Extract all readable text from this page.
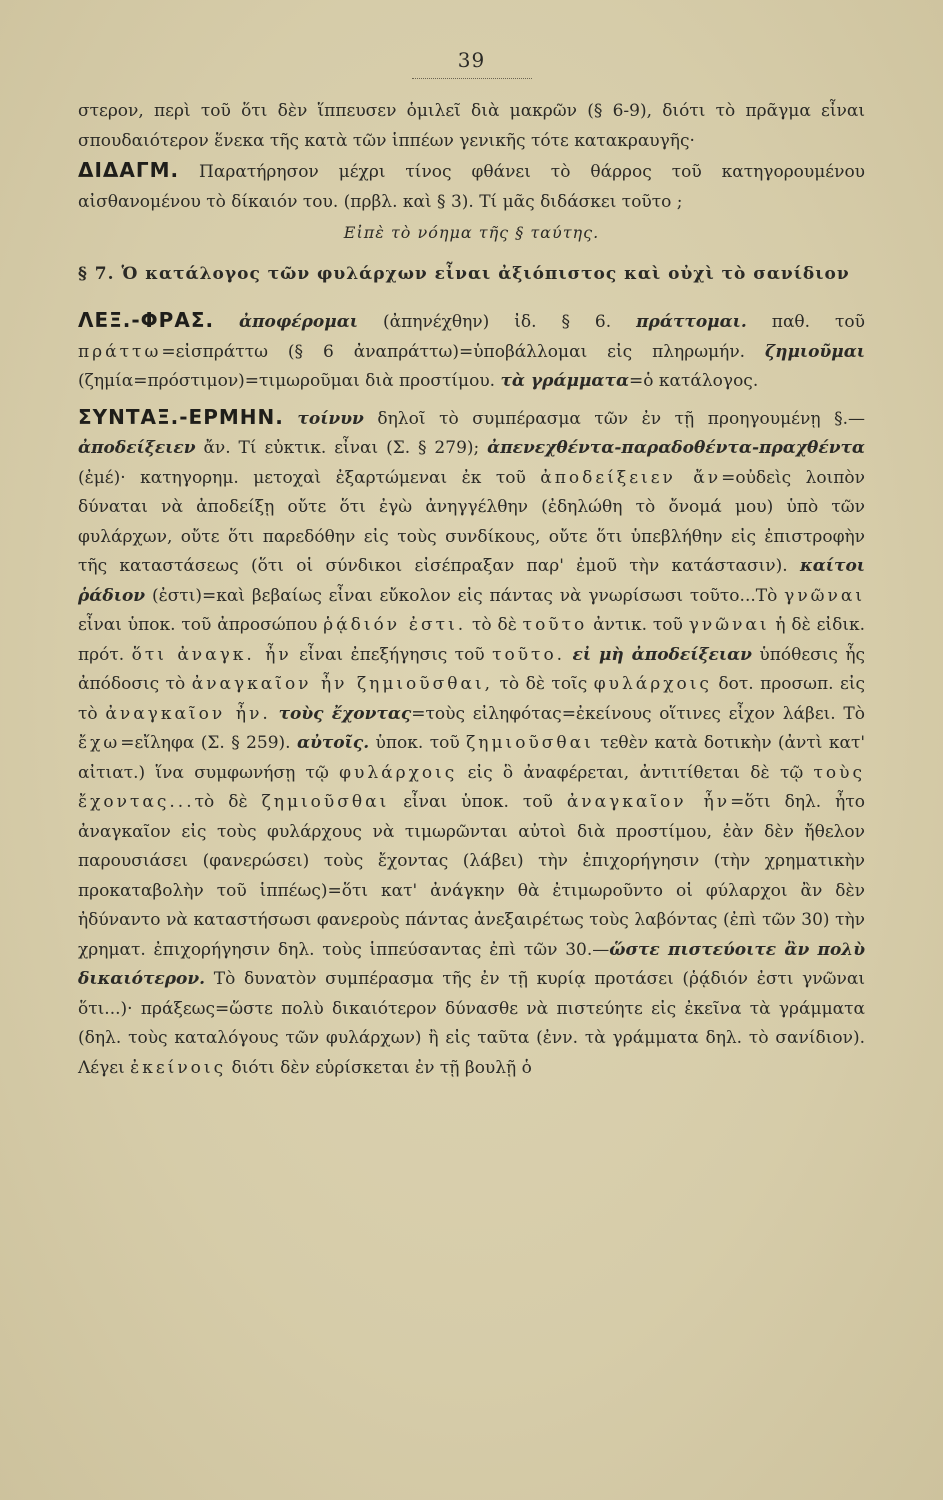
39

στερον, περὶ τοῦ ὅτι δὲν ἵππευσεν ὁμιλεῖ διὰ μακρῶν (§ 6-9), διότι τὸ πρᾶγμα εἶναι σπουδαιότερον ἕνεκα τῆς κατὰ τῶν ἱππέων γενικῆς τότε κατακραυγῆς·

ΔΙΔΑΓΜ. Παρατήρησον μέχρι τίνος φθάνει τὸ θάρρος τοῦ κατηγορουμένου αἰσθανομένου τὸ δίκαιόν του. (πρβλ. καὶ § 3). Τί μᾶς διδάσκει τοῦτο ;

Εἰπὲ τὸ νόημα τῆς § ταύτης.
§ 7. Ὁ κατάλογος τῶν φυλάρχων εἶναι ἀξιόπιστος καὶ οὐχὶ τὸ σανίδιον

ΛΕΞ.-ΦΡΑΣ. ἀποφέρομαι (ἀπηνέχθην) ἰδ. § 6. πράττομαι. παθ. τοῦ πράττω=εἰσπράττω (§ 6 ἀναπράττω)=ὑποβάλλομαι εἰς πληρωμήν. ζημιοῦμαι (ζημία=πρόστιμον)=τιμωροῦμαι διὰ προστίμου. τὰ γράμματα=ὁ κατάλογος.

ΣΥΝΤΑΞ.-ΕΡΜΗΝ. τοίνυν δηλοῖ τὸ συμπέρασμα τῶν ἐν τῇ προηγουμένῃ §.—ἀποδείξειεν ἄν. Τί εὐκτικ. εἶναι (Σ. § 279); ἀπενεχθέντα-παραδοθέντα-πραχθέντα (ἐμέ)· κατηγορημ. μετοχαὶ ἐξαρτώμεναι ἐκ τοῦ ἀποδείξειεν ἄν=οὐδεὶς λοιπὸν δύναται νὰ ἀποδείξῃ οὔτε ὅτι ἐγὼ ἀνηγγέλθην (ἐδηλώθη τὸ ὄνομά μου) ὑπὸ τῶν φυλάρχων, οὔτε ὅτι παρεδόθην εἰς τοὺς συνδίκους, οὔτε ὅτι ὑπεβλήθην εἰς ἐπιστροφὴν τῆς καταστάσεως (ὅτι οἱ σύνδικοι εἰσέπραξαν παρ' ἐμοῦ τὴν κατάστασιν). καίτοι ῥάδιον (ἐστι)=καὶ βεβαίως εἶναι εὔκολον εἰς πάντας νὰ γνωρίσωσι τοῦτο...Τὸ γνῶναι εἶναι ὑποκ. τοῦ ἀπροσώπου ῥᾴδιόν ἐστι. τὸ δὲ τοῦτο ἀντικ. τοῦ γνῶναι ἡ δὲ εἰδικ. πρότ. ὅτι ἀναγκ. ἦν εἶναι ἐπεξήγησις τοῦ τοῦτο. εἰ μὴ ἀποδείξειαν ὑπόθεσις ἧς ἀπόδοσις τὸ ἀναγκαῖον ἦν ζημιοῦσθαι, τὸ δὲ τοῖς φυλάρχοις δοτ. προσωπ. εἰς τὸ ἀναγκαῖον ἦν. τοὺς ἔχοντας=τοὺς εἰληφότας=ἐκείνους οἵτινες εἶχον λάβει. Τὸ ἔχω=εἴληφα (Σ. § 259). αὐτοῖς. ὑποκ. τοῦ ζημιοῦσθαι τεθὲν κατὰ δοτικὴν (ἀντὶ κατ' αἰτιατ.) ἵνα συμφωνήσῃ τῷ φυλάρχοις εἰς ὃ ἀναφέρεται, ἀντιτίθεται δὲ τῷ τοὺς ἔχοντας...τὸ δὲ ζημιοῦσθαι εἶναι ὑποκ. τοῦ ἀναγκαῖον ἦν=ὅτι δηλ. ἦτο ἀναγκαῖον εἰς τοὺς φυλάρχους νὰ τιμωρῶνται αὐτοὶ διὰ προστίμου, ἐὰν δὲν ἤθελον παρουσιάσει (φανερώσει) τοὺς ἔχοντας (λάβει) τὴν ἐπιχορήγησιν (τὴν χρηματικὴν προκαταβολὴν τοῦ ἱππέως)=ὅτι κατ' ἀνάγκην θὰ ἐτιμωροῦντο οἱ φύλαρχοι ἂν δὲν ἠδύναντο νὰ καταστήσωσι φανεροὺς πάντας ἀνεξαιρέτως τοὺς λαβόντας (ἐπὶ τῶν 30) τὴν χρηματ. ἐπιχορήγησιν δηλ. τοὺς ἱππεύσαντας ἐπὶ τῶν 30.—ὥστε πιστεύοιτε ἂν πολὺ δικαιότερον. Τὸ δυνατὸν συμπέρασμα τῆς ἐν τῇ κυρίᾳ προτάσει (ῥᾴδιόν ἐστι γνῶναι ὅτι...)· πράξεως=ὥστε πολὺ δικαιότερον δύνασθε νὰ πιστεύητε εἰς ἐκεῖνα τὰ γράμματα (δηλ. τοὺς καταλόγους τῶν φυλάρχων) ἢ εἰς ταῦτα (ἐνν. τὰ γράμματα δηλ. τὸ σανίδιον). Λέγει ἐκείνοις διότι δὲν εὑρίσκεται ἐν τῇ βουλῇ ὁ
